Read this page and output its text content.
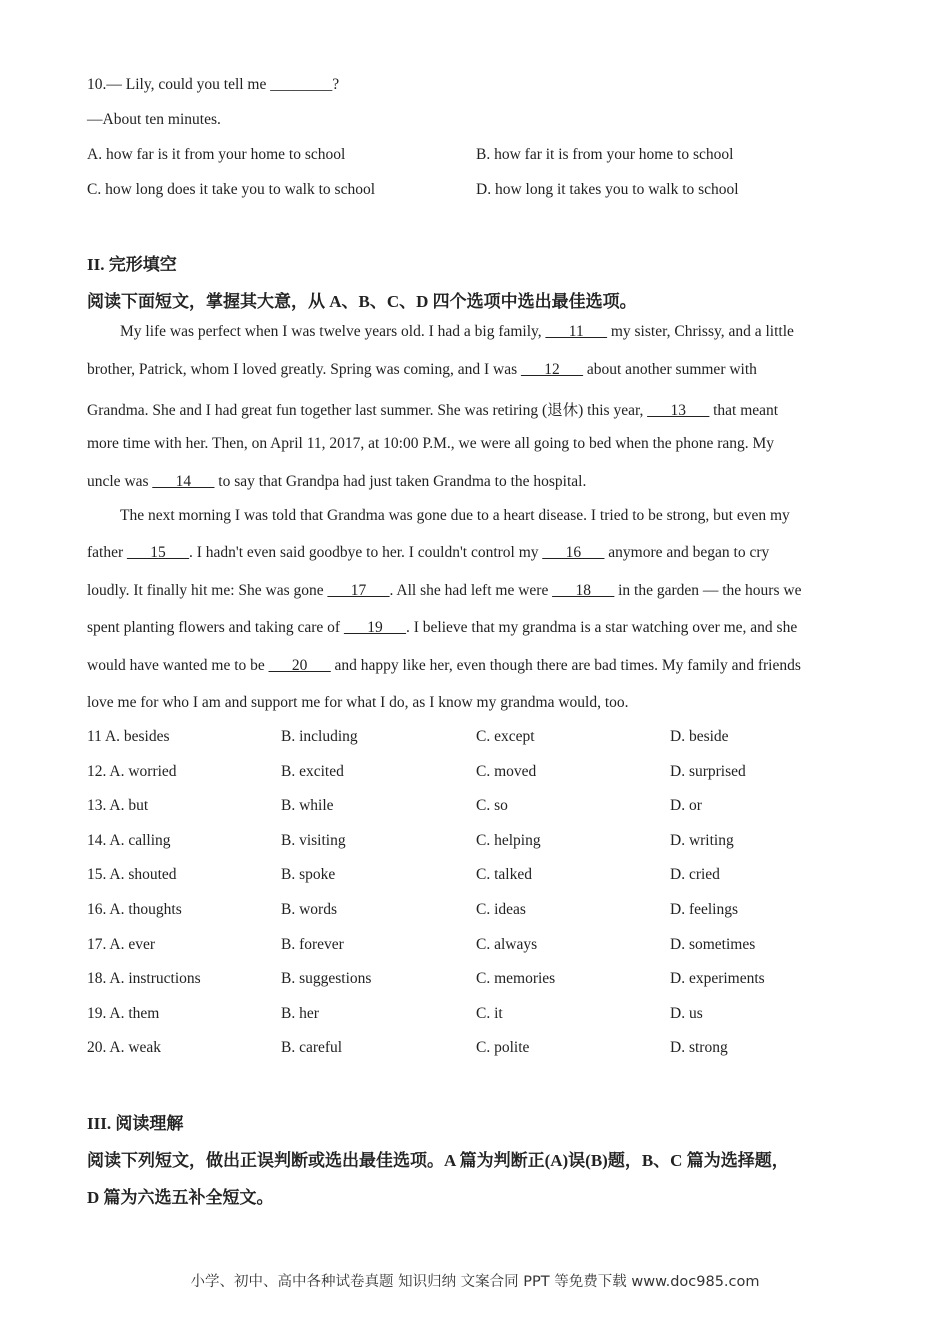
10.— Lily, could you tell me ________?
—About ten minutes.
A. how far is it from your home to school	B. how far it is from your home to school
C. how long does it take you to walk to school	D. how long it takes you to walk to school
II. 完形填空
阅读下面短文，掌握其大意，从 A、B、C、D 四个选项中选出最佳选项。
My life was perfect when I was twelve years old. I had a big family, ___11___ my sister, Chrissy, and a little
brother, Patrick, whom I loved greatly. Spring was coming, and I was ___12___ about another summer with
Grandma. She and I had great fun together last summer. She was retiring (退休) this year, ___13___ that meant
more time with her. Then, on April 11, 2017, at 10:00 P.M., we were all going to bed when the phone rang. My
uncle was ___14___ to say that Grandpa had just taken Grandma to the hospital.
The next morning I was told that Grandma was gone due to a heart disease. I tried to be strong, but even my
father ___15___. I hadn't even said goodbye to her. I couldn't control my ___16___ anymore and began to cry
loudly. It finally hit me: She was gone ___17___. All she had left me were ___18___ in the garden — the hours we
spent planting flowers and taking care of ___19___. I believe that my grandma is a star watching over me, and she
would have wanted me to be ___20___ and happy like her, even though there are bad times. My family and friends
love me for who I am and support me for what I do, as I know my grandma would, too.
11 A. besides	B. including	C. except	D. beside
12. A. worried	B. excited	C. moved	D. surprised
13. A. but	B. while	C. so	D. or
14. A. calling	B. visiting	C. helping	D. writing
15. A. shouted	B. spoke	C. talked	D. cried
16. A. thoughts	B. words	C. ideas	D. feelings
17. A. ever	B. forever	C. always	D. sometimes
18. A. instructions	B. suggestions	C. memories	D. experiments
19. A. them	B. her	C. it	D. us
20. A. weak	B. careful	C. polite	D. strong
III. 阅读理解
阅读下列短文，做出正误判断或选出最佳选项。A 篇为判断正(A)误(B)题，B、C 篇为选择题，
D 篇为六选五补全短文。
小学、初中、高中各种试卷真题 知识归纳 文案合同 PPT 等免费下载 www.doc985.com
